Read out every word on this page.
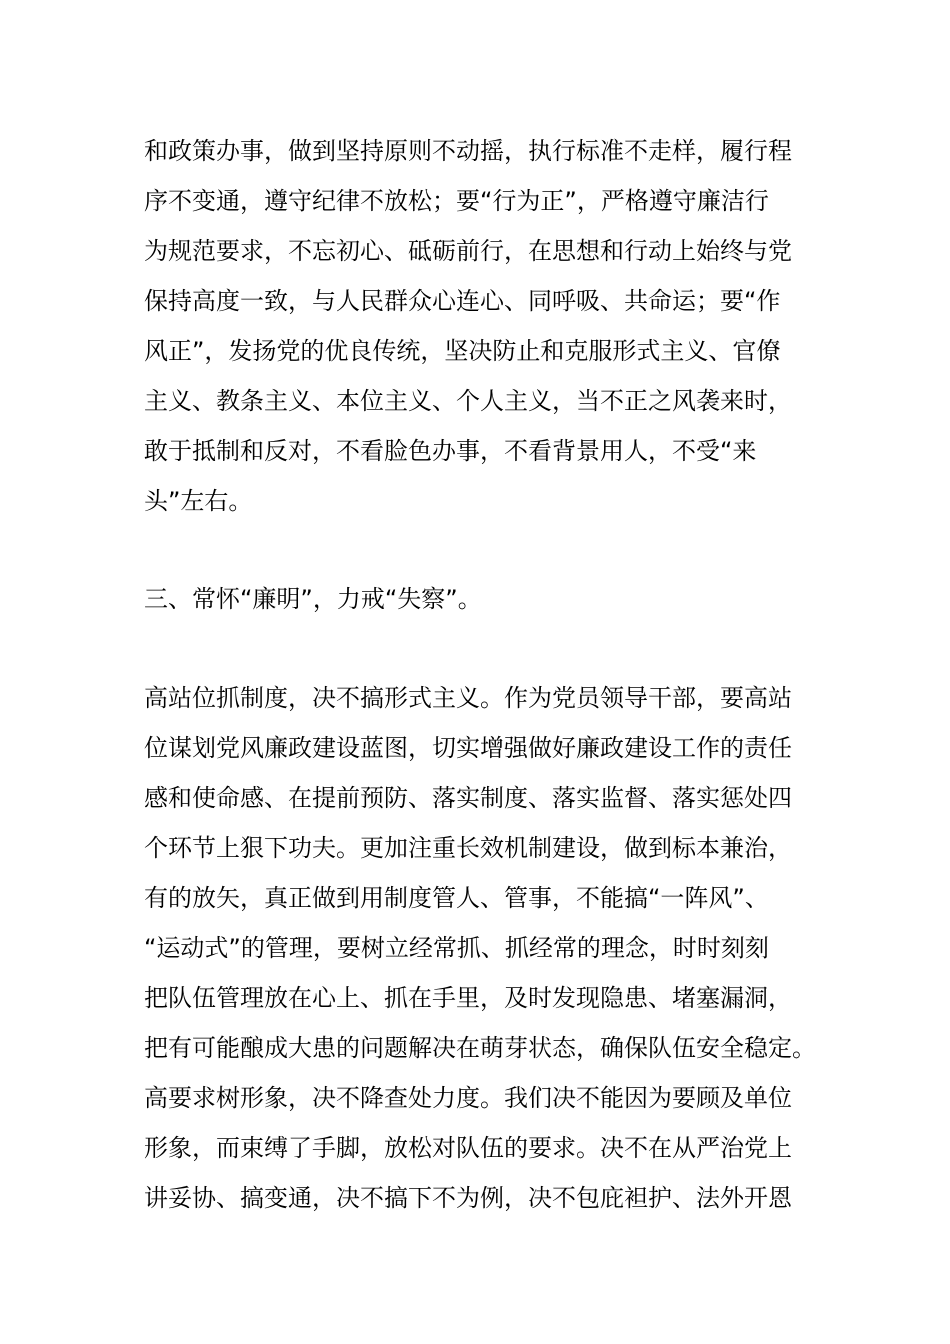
和政策办事，做到坚持原则不动摇，执行标准不走样，履行程
序不变通，遵守纪律不放松；要“行为正”，严格遵守廉洁行
为规范要求，不忘初心、砥砺前行，在思想和行动上始终与党
保持高度一致，与人民群众心连心、同呼吸、共命运；要“作
风正”，发扬党的优良传统，坚决防止和克服形式主义、官僚
主义、教条主义、本位主义、个人主义，当不正之风袭来时，
敢于抵制和反对，不看脸色办事，不看背景用人，不受“来
头”左右。

三、常怀“廉明”，力戒“失察”。

高站位抓制度，决不搞形式主义。作为党员领导干部，要高站
位谋划党风廉政建设蓝图，切实增强做好廉政建设工作的责任
感和使命感、在提前预防、落实制度、落实监督、落实惩处四
个环节上狠下功夫。更加注重长效机制建设，做到标本兼治，
有的放矢，真正做到用制度管人、管事，不能搞“一阵风”、
“运动式”的管理，要树立经常抓、抓经常的理念，时时刻刻
把队伍管理放在心上、抓在手里，及时发现隐患、堵塞漏洞，
把有可能酿成大患的问题解决在萌芽状态，确保队伍安全稳定。
高要求树形象，决不降查处力度。我们决不能因为要顾及单位
形象，而束缚了手脚，放松对队伍的要求。决不在从严治党上
讲妥协、搞变通，决不搞下不为例，决不包庇袒护、法外开恩
